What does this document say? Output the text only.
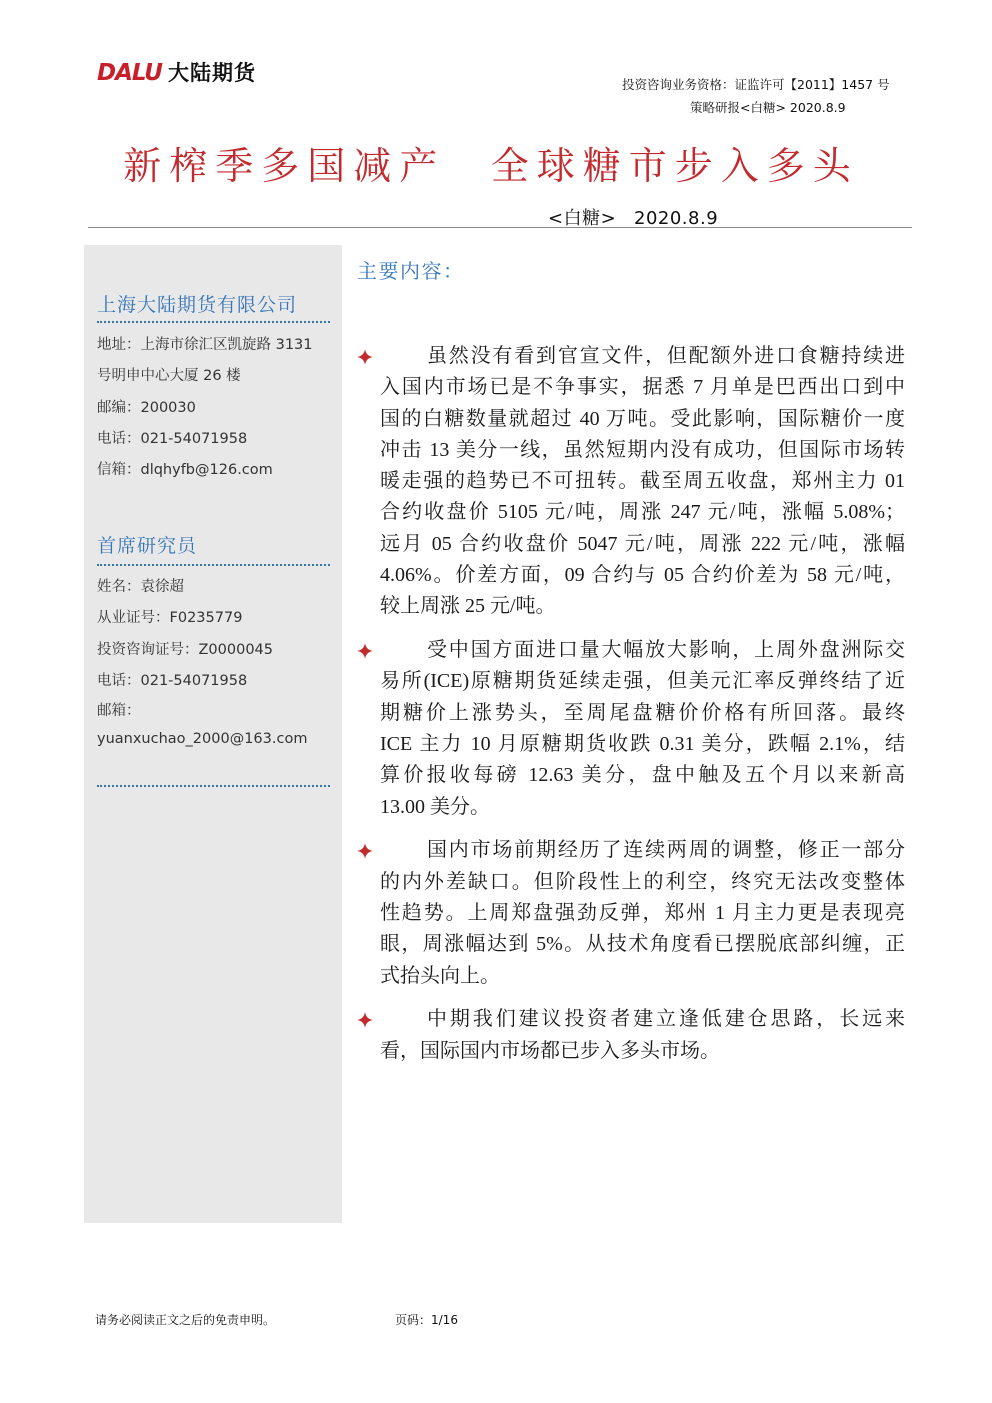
DALU 大陆期货	投资咨询业务资格：证监许可【2011】1457 号
策略研报<白糖> 2020.8.9
新榨季多国减产 全球糖市步入多头
<白糖> 2020.8.9
上海大陆期货有限公司
地址：上海市徐汇区凯旋路 3131
号明申中心大厦 26 楼
邮编：200030
电话：021-54071958
信箱：dlqhyfb@126.com
首席研究员
姓名：袁徐超
从业证号：F0235779
投资咨询证号：Z0000045
电话：021-54071958
邮箱：
yuanxuchao_2000@163.com
主要内容：
虽然没有看到官宣文件，但配额外进口食糖持续进
入国内市场已是不争事实，据悉 7 月单是巴西出口到中
国的白糖数量就超过 40 万吨。受此影响，国际糖价一度
冲击 13 美分一线，虽然短期内没有成功，但国际市场转
暖走强的趋势已不可扭转。截至周五收盘，郑州主力 01
合约收盘价 5105 元/吨，周涨 247 元/吨，涨幅 5.08%；
远月 05 合约收盘价 5047 元/吨，周涨 222 元/吨，涨幅
4.06%。价差方面，09 合约与 05 合约价差为 58 元/吨，
较上周涨 25 元/吨。
受中国方面进口量大幅放大影响，上周外盘洲际交
易所(ICE)原糖期货延续走强，但美元汇率反弹终结了近
期糖价上涨势头，至周尾盘糖价价格有所回落。最终
ICE 主力 10 月原糖期货收跌 0.31 美分，跌幅 2.1%，结
算价报收每磅 12.63 美分，盘中触及五个月以来新高
13.00 美分。
国内市场前期经历了连续两周的调整，修正一部分
的内外差缺口。但阶段性上的利空，终究无法改变整体
性趋势。上周郑盘强劲反弹，郑州 1 月主力更是表现亮
眼，周涨幅达到 5%。从技术角度看已摆脱底部纠缠，正
式抬头向上。
中期我们建议投资者建立逢低建仓思路，长远来
看，国际国内市场都已步入多头市场。
请务必阅读正文之后的免责申明。	页码：1/16
